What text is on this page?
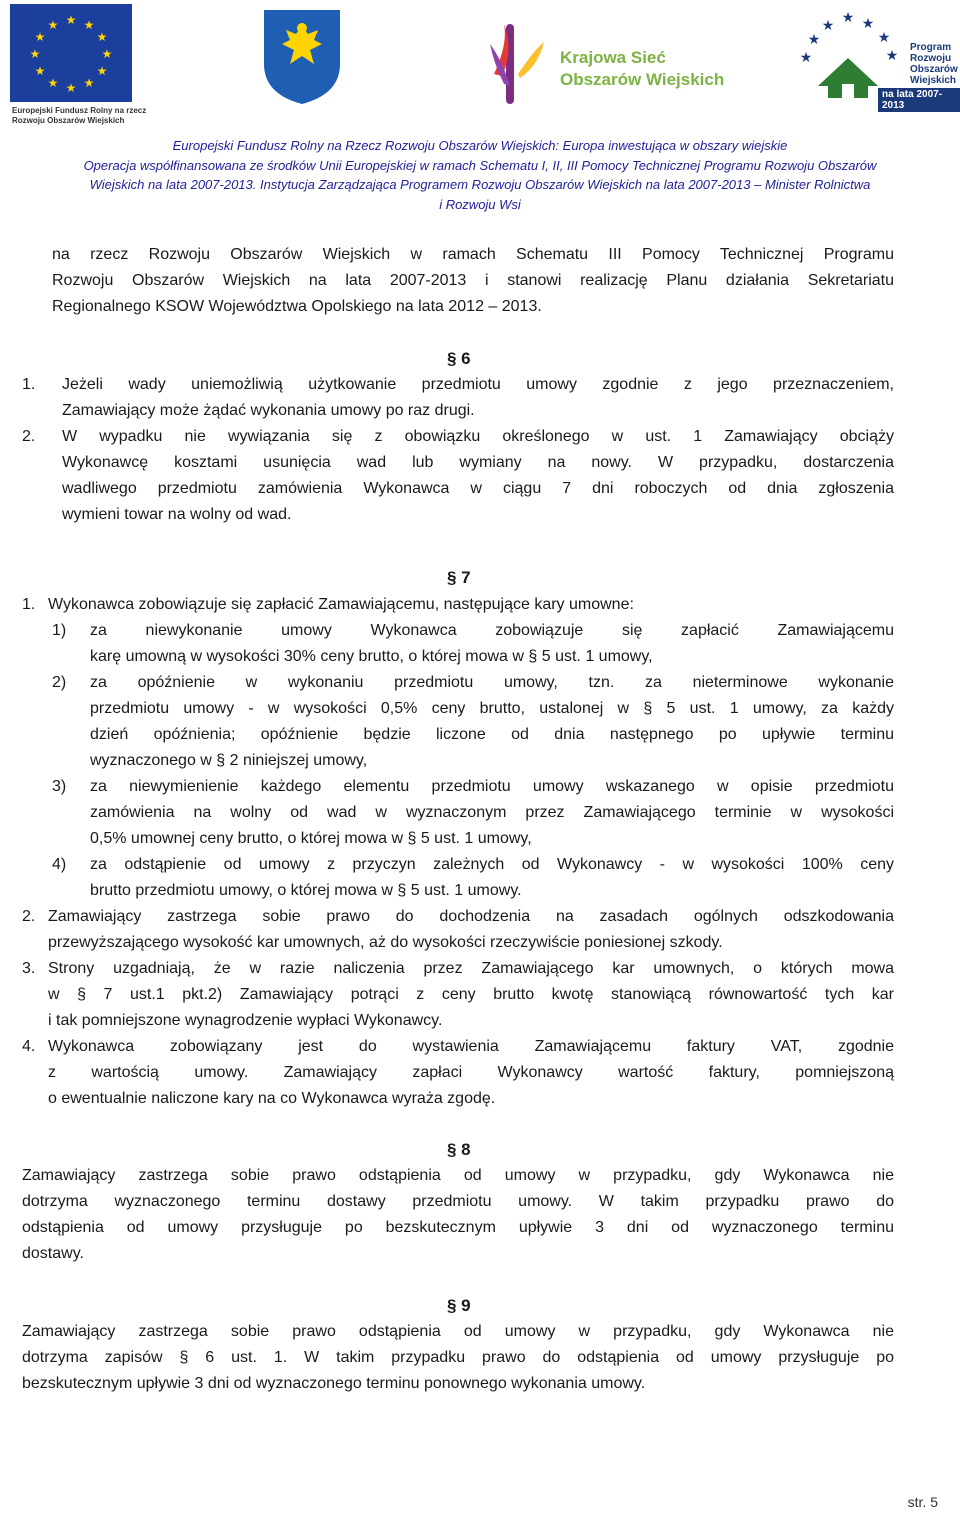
★ ★
★
★
★
★
★
★
★
★
★
★
Europejski Fundusz Rolny na rzecz
Rozwoju Obszarów Wiejskich
Krajowa Sieć
Obszarów Wiejskich
★ ★ ★
★	★
★	★ Program
Rozwoju
Obszarów
Wiejskich
na lata 2007-2013
Europejski Fundusz Rolny na Rzecz Rozwoju Obszarów Wiejskich: Europa inwestująca w obszary wiejskie
Operacja współfinansowana ze środków Unii Europejskiej w ramach Schematu I, II, III Pomocy Technicznej Programu Rozwoju Obszarów
Wiejskich na lata 2007-2013. Instytucja Zarządzająca Programem Rozwoju Obszarów Wiejskich na lata 2007-2013 – Minister Rolnictwa
i Rozwoju Wsi
na rzecz Rozwoju Obszarów Wiejskich w ramach Schematu III Pomocy Technicznej Programu
Rozwoju Obszarów Wiejskich na lata 2007-2013 i stanowi realizację Planu działania Sekretariatu
Regionalnego KSOW Województwa Opolskiego na lata 2012 – 2013.
§ 6
1. Jeżeli wady uniemożliwią użytkowanie przedmiotu umowy zgodnie z jego przeznaczeniem,
Zamawiający może żądać wykonania umowy po raz drugi.
2. W wypadku nie wywiązania się z obowiązku określonego w ust. 1 Zamawiający obciąży
Wykonawcę kosztami usunięcia wad lub wymiany na nowy. W przypadku, dostarczenia
wadliwego przedmiotu zamówienia Wykonawca w ciągu 7 dni roboczych od dnia zgłoszenia
wymieni towar na wolny od wad.
§ 7
1. Wykonawca zobowiązuje się zapłacić Zamawiającemu, następujące kary umowne:
1) za niewykonanie umowy Wykonawca zobowiązuje się zapłacić Zamawiającemu
karę umowną w wysokości 30% ceny brutto, o której mowa w § 5 ust. 1 umowy,
2) za opóźnienie w wykonaniu przedmiotu umowy, tzn. za nieterminowe wykonanie
przedmiotu umowy - w wysokości 0,5% ceny brutto, ustalonej w § 5 ust. 1 umowy, za każdy
dzień opóźnienia; opóźnienie będzie liczone od dnia następnego po upływie terminu
wyznaczonego w § 2 niniejszej umowy,
3) za niewymienienie każdego elementu przedmiotu umowy wskazanego w opisie przedmiotu
zamówienia na wolny od wad w wyznaczonym przez Zamawiającego terminie w wysokości
0,5% umownej ceny brutto, o której mowa w § 5 ust. 1 umowy,
4) za odstąpienie od umowy z przyczyn zależnych od Wykonawcy - w wysokości 100% ceny
brutto przedmiotu umowy, o której mowa w § 5 ust. 1 umowy.
2. Zamawiający zastrzega sobie prawo do dochodzenia na zasadach ogólnych odszkodowania
przewyższającego wysokość kar umownych, aż do wysokości rzeczywiście poniesionej szkody.
3. Strony uzgadniają, że w razie naliczenia przez Zamawiającego kar umownych, o których mowa
w § 7 ust.1 pkt.2) Zamawiający potrąci z ceny brutto kwotę stanowiącą równowartość tych kar
i tak pomniejszone wynagrodzenie wypłaci Wykonawcy.
4. Wykonawca zobowiązany jest do wystawienia Zamawiającemu faktury VAT, zgodnie
z wartością umowy. Zamawiający zapłaci Wykonawcy wartość faktury, pomniejszoną
o ewentualnie naliczone kary na co Wykonawca wyraża zgodę.
§ 8
Zamawiający zastrzega sobie prawo odstąpienia od umowy w przypadku, gdy Wykonawca nie
dotrzyma wyznaczonego terminu dostawy przedmiotu umowy. W takim przypadku prawo do
odstąpienia od umowy przysługuje po bezskutecznym upływie 3 dni od wyznaczonego terminu
dostawy.
§ 9
Zamawiający zastrzega sobie prawo odstąpienia od umowy w przypadku, gdy Wykonawca nie
dotrzyma zapisów § 6 ust. 1. W takim przypadku prawo do odstąpienia od umowy przysługuje po
bezskutecznym upływie 3 dni od wyznaczonego terminu ponownego wykonania umowy.
str. 5
